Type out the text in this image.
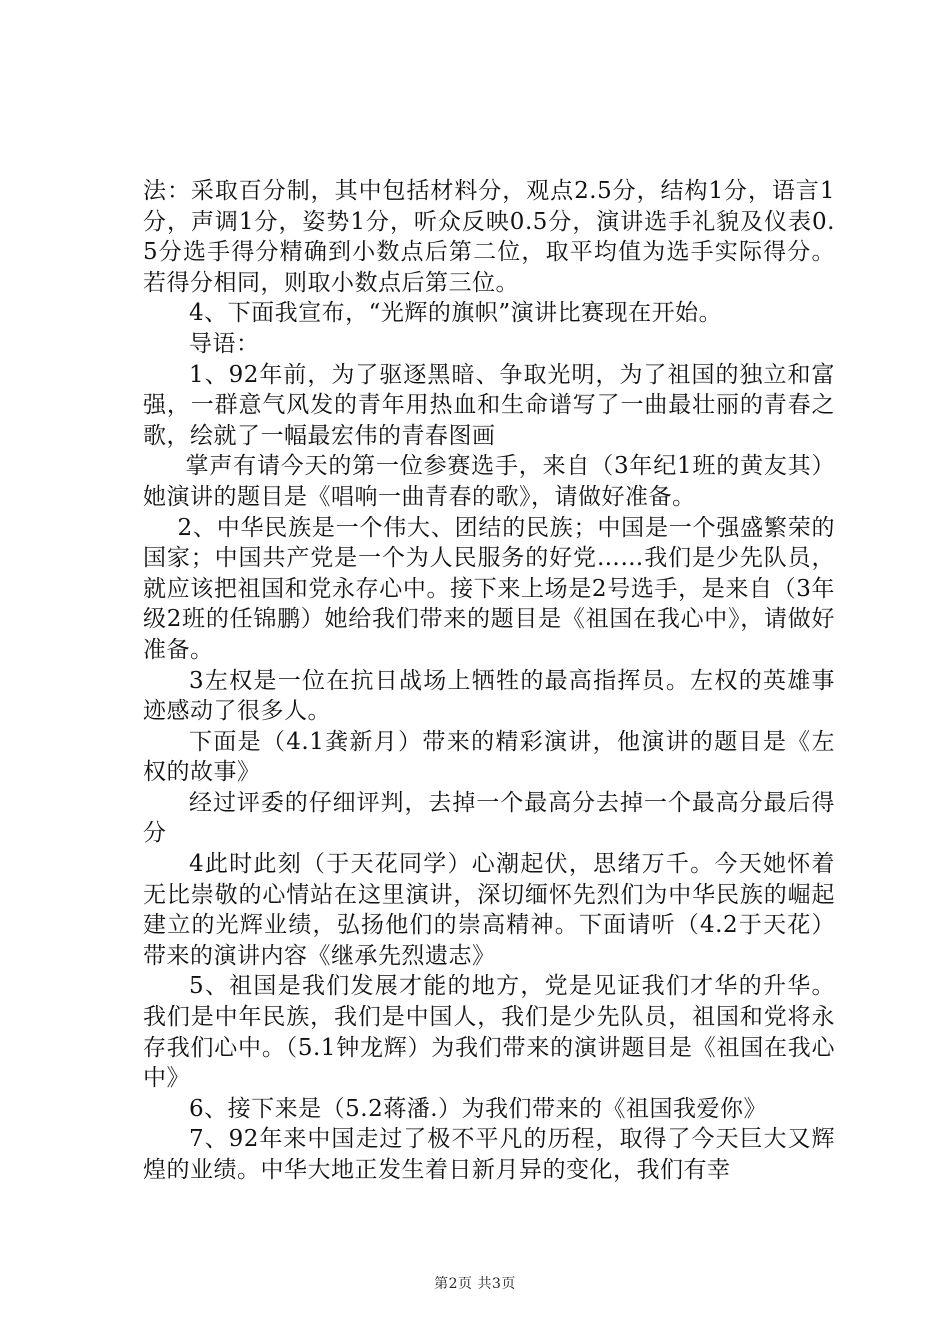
法：采取百分制，其中包括材料分，观点2.5分，结构1分，语言1分，声调1分，姿势1分，听众反映0.5分，演讲选手礼貌及仪表0.5分选手得分精确到小数点后第二位，取平均值为选手实际得分。若得分相同，则取小数点后第三位。

4、下面我宣布，“光辉的旗帜”演讲比赛现在开始。

导语：

1、92年前，为了驱逐黑暗、争取光明，为了祖国的独立和富强，一群意气风发的青年用热血和生命谱写了一曲最壮丽的青春之歌，绘就了一幅最宏伟的青春图画

掌声有请今天的第一位参赛选手，来自（3年纪1班的黄友其）她演讲的题目是《唱响一曲青春的歌》，请做好准备。

2、中华民族是一个伟大、团结的民族；中国是一个强盛繁荣的国家；中国共产党是一个为人民服务的好党……我们是少先队员，就应该把祖国和党永存心中。接下来上场是2号选手，是来自（3年级2班的任锦鹏）她给我们带来的题目是《祖国在我心中》，请做好准备。

3左权是一位在抗日战场上牺牲的最高指挥员。左权的英雄事迹感动了很多人。

下面是（4.1龚新月）带来的精彩演讲，他演讲的题目是《左权的故事》

经过评委的仔细评判，去掉一个最高分去掉一个最高分最后得分

4此时此刻（于天花同学）心潮起伏，思绪万千。今天她怀着无比崇敬的心情站在这里演讲，深切缅怀先烈们为中华民族的崛起建立的光辉业绩，弘扬他们的崇高精神。下面请听（4.2于天花）带来的演讲内容《继承先烈遗志》

5、祖国是我们发展才能的地方，党是见证我们才华的升华。我们是中年民族，我们是中国人，我们是少先队员，祖国和党将永存我们心中。（5.1钟龙辉）为我们带来的演讲题目是《祖国在我心中》

6、接下来是（5.2蒋潘.）为我们带来的《祖国我爱你》

7、92年来中国走过了极不平凡的历程，取得了今天巨大又辉煌的业绩。中华大地正发生着日新月异的变化，我们有幸

第2页 共3页
